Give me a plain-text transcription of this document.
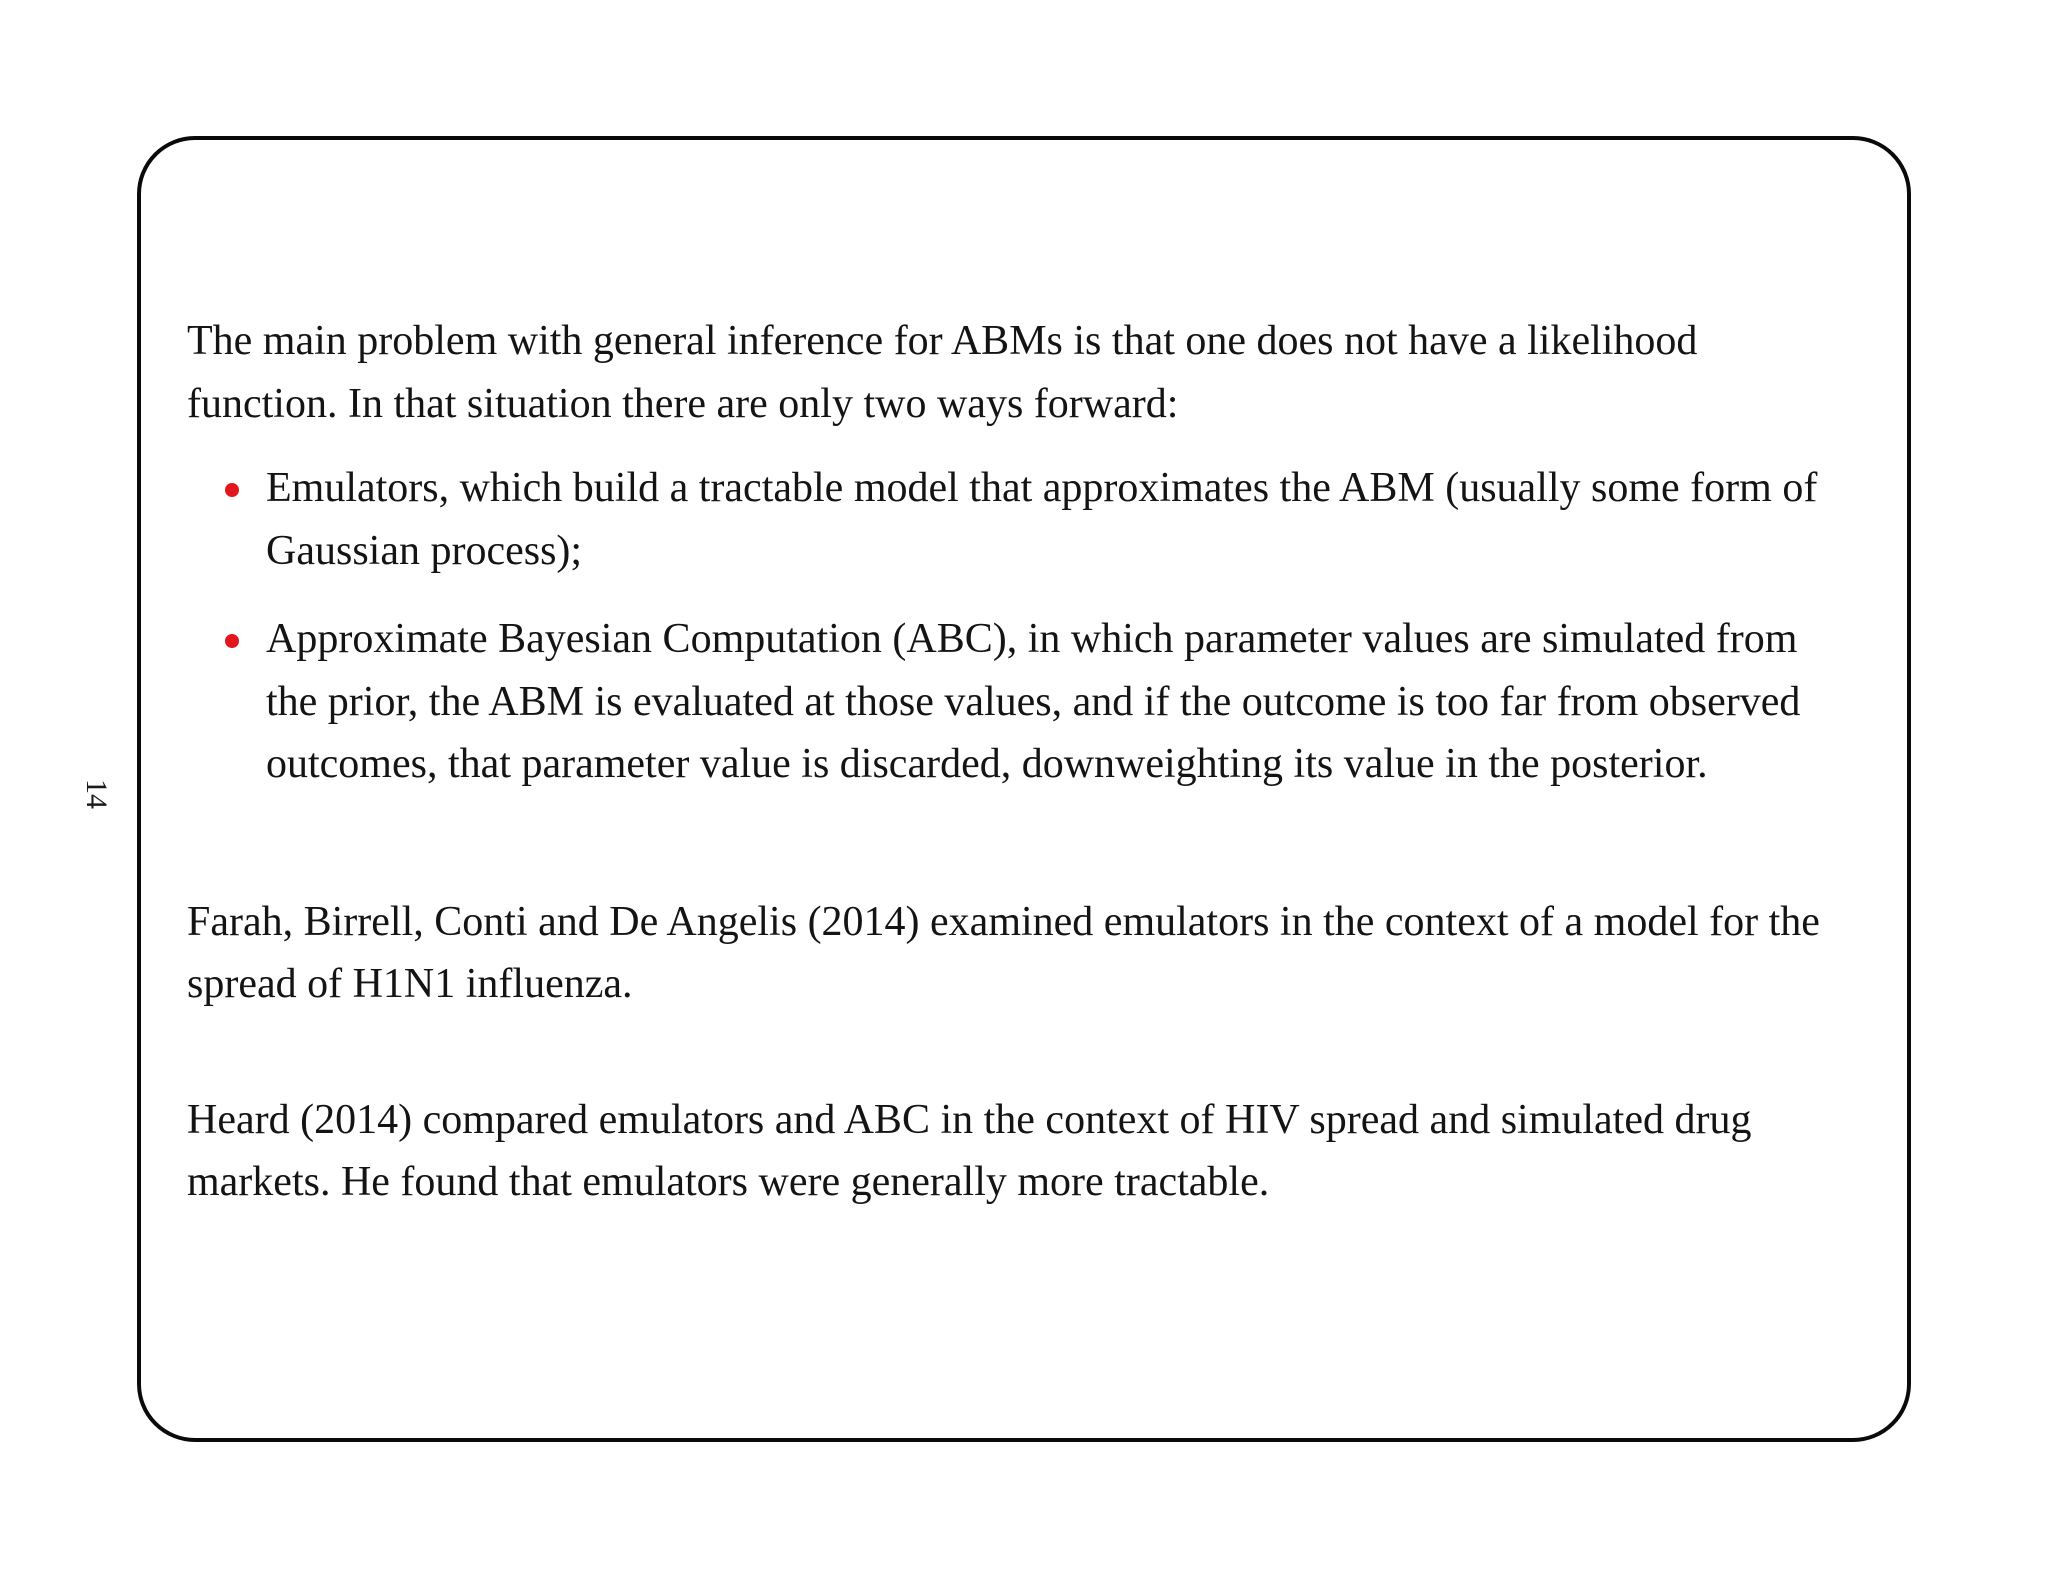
14

The main problem with general inference for ABMs is that one does not have a likelihood function. In that situation there are only two ways forward:

Emulators, which build a tractable model that approximates the ABM (usually some form of Gaussian process);
Approximate Bayesian Computation (ABC), in which parameter values are simulated from the prior, the ABM is evaluated at those values, and if the outcome is too far from observed outcomes, that parameter value is discarded, downweighting its value in the posterior.

Farah, Birrell, Conti and De Angelis (2014) examined emulators in the context of a model for the spread of H1N1 influenza.

Heard (2014) compared emulators and ABC in the context of HIV spread and simulated drug markets. He found that emulators were generally more tractable.
